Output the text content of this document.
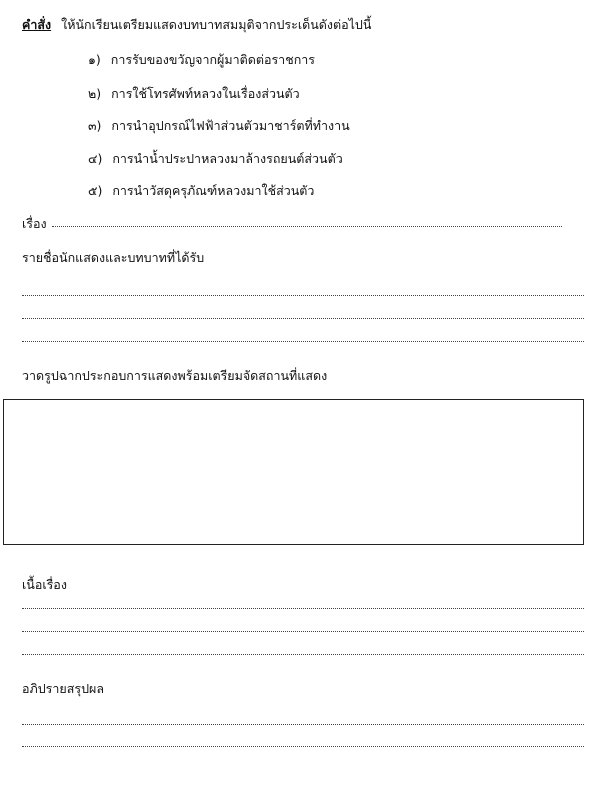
คำสั่ง ให้นักเรียนเตรียมแสดงบทบาทสมมุติจากประเด็นดังต่อไปนี้
๑) การรับของขวัญจากผู้มาติดต่อราชการ
๒) การใช้โทรศัพท์หลวงในเรื่องส่วนตัว
๓) การนำอุปกรณ์ไฟฟ้าส่วนตัวมาชาร์ตที่ทำงาน
๔) การนำน้ำประปาหลวงมาล้างรถยนต์ส่วนตัว
๕) การนำวัสดุครุภัณฑ์หลวงมาใช้ส่วนตัว
เรื่อง
รายชื่อนักแสดงและบทบาทที่ได้รับ
วาดรูปฉากประกอบการแสดงพร้อมเตรียมจัดสถานที่แสดง
เนื้อเรื่อง
อภิปรายสรุปผล
